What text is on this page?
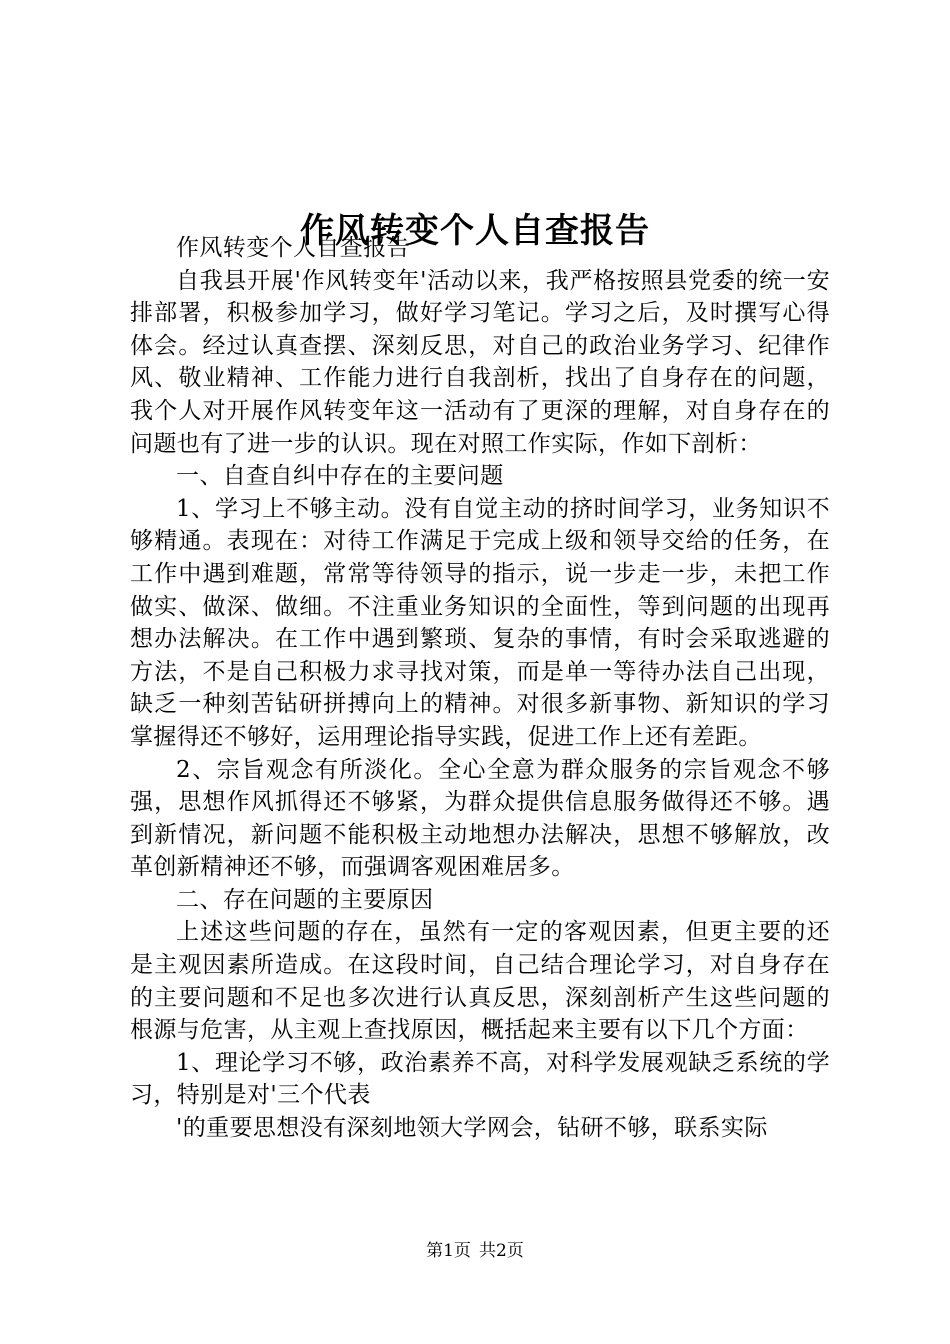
作风转变个人自查报告

作风转变个人自查报告

自我县开展'作风转变年'活动以来，我严格按照县党委的统一安排部署，积极参加学习，做好学习笔记。学习之后，及时撰写心得体会。经过认真查摆、深刻反思，对自己的政治业务学习、纪律作风、敬业精神、工作能力进行自我剖析，找出了自身存在的问题，我个人对开展作风转变年这一活动有了更深的理解，对自身存在的问题也有了进一步的认识。现在对照工作实际，作如下剖析：

一、自查自纠中存在的主要问题

1、学习上不够主动。没有自觉主动的挤时间学习，业务知识不够精通。表现在：对待工作满足于完成上级和领导交给的任务，在工作中遇到难题，常常等待领导的指示，说一步走一步，未把工作做实、做深、做细。不注重业务知识的全面性，等到问题的出现再想办法解决。在工作中遇到繁琐、复杂的事情，有时会采取逃避的方法，不是自己积极力求寻找对策，而是单一等待办法自己出现，缺乏一种刻苦钻研拼搏向上的精神。对很多新事物、新知识的学习掌握得还不够好，运用理论指导实践，促进工作上还有差距。

2、宗旨观念有所淡化。全心全意为群众服务的宗旨观念不够强，思想作风抓得还不够紧，为群众提供信息服务做得还不够。遇到新情况，新问题不能积极主动地想办法解决，思想不够解放，改革创新精神还不够，而强调客观困难居多。

二、存在问题的主要原因

上述这些问题的存在，虽然有一定的客观因素，但更主要的还是主观因素所造成。在这段时间，自己结合理论学习，对自身存在的主要问题和不足也多次进行认真反思，深刻剖析产生这些问题的根源与危害，从主观上查找原因，概括起来主要有以下几个方面：

1、理论学习不够，政治素养不高，对科学发展观缺乏系统的学习，特别是对'三个代表

'的重要思想没有深刻地领大学网会，钻研不够，联系实际

第1页 共2页
